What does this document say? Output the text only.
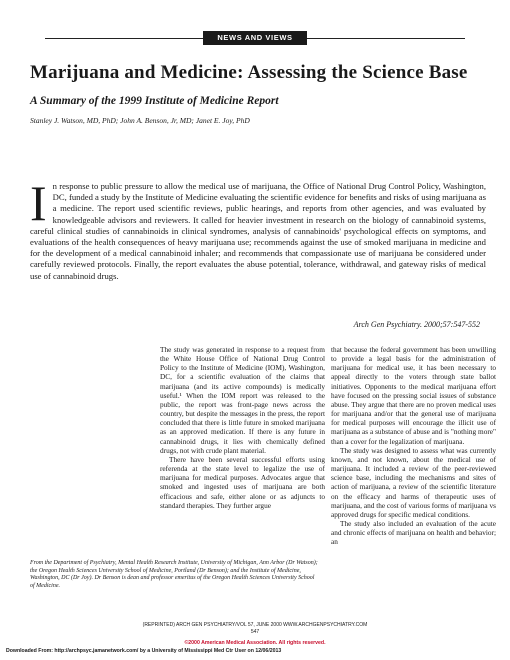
NEWS AND VIEWS
Marijuana and Medicine: Assessing the Science Base
A Summary of the 1999 Institute of Medicine Report
Stanley J. Watson, MD, PhD; John A. Benson, Jr, MD; Janet E. Joy, PhD
In response to public pressure to allow the medical use of marijuana, the Office of National Drug Control Policy, Washington, DC, funded a study by the Institute of Medicine evaluating the scientific evidence for benefits and risks of using marijuana as a medicine. The report used scientific reviews, public hearings, and reports from other agencies, and was evaluated by knowledgeable advisors and reviewers. It called for heavier investment in research on the biology of cannabinoid systems, careful clinical studies of cannabinoids in clinical syndromes, analysis of cannabinoids' psychological effects on symptoms, and evaluations of the health consequences of heavy marijuana use; recommends against the use of smoked marijuana in medicine and for the development of a medical cannabinoid inhaler; and recommends that compassionate use of marijuana be considered under carefully reviewed protocols. Finally, the report evaluates the abuse potential, tolerance, withdrawal, and gateway risks of medical use of cannabinoid drugs.
Arch Gen Psychiatry. 2000;57:547-552

The study was generated in response to a request from the White House Office of National Drug Control Policy to the Institute of Medicine (IOM), Washington, DC, for a scientific evaluation of the claims that marijuana (and its active compounds) is medically useful.¹ When the IOM report was released to the public, the report was front-page news across the country, but despite the messages in the press, the report concluded that there is little future in smoked marijuana as an approved medication. If there is any future in cannabinoid drugs, it lies with chemically defined drugs, not with crude plant material.

There have been several successful efforts using referenda at the state level to legalize the use of marijuana for medical purposes. Advocates argue that smoked and ingested uses of marijuana are both efficacious and safe, either alone or as adjuncts to standard therapies. They further argue

that because the federal government has been unwilling to provide a legal basis for the administration of marijuana for medical use, it has been necessary to appeal directly to the voters through state ballot initiatives. Opponents to the medical marijuana effort have focused on the pressing social issues of substance abuse. They argue that there are no proven medical uses for marijuana and/or that the general use of marijuana for medical purposes will encourage the illicit use of marijuana as a substance of abuse and is "nothing more" than a cover for the legalization of marijuana.

The study was designed to assess what was currently known, and not known, about the medical use of marijuana. It included a review of the peer-reviewed science base, including the mechanisms and sites of action of marijuana, a review of the scientific literature on the efficacy and harms of therapeutic uses of marijuana, and the cost of various forms of marijuana vs approved drugs for specific medical conditions.

The study also included an evaluation of the acute and chronic effects of marijuana on health and behavior; an

From the Department of Psychiatry, Mental Health Research Institute, University of Michigan, Ann Arbor (Dr Watson); the Oregon Health Sciences University School of Medicine, Portland (Dr Benson); and the Institute of Medicine, Washington, DC (Dr Joy). Dr Benson is dean and professor emeritus of the Oregon Health Sciences University School of Medicine.
(REPRINTED) ARCH GEN PSYCHIATRY/VOL 57, JUNE 2000 WWW.ARCHGENPSYCHIATRY.COM
547
©2000 American Medical Association. All rights reserved.
Downloaded From: http://archpsyc.jamanetwork.com/ by a University of Mississippi Med Ctr User on 12/06/2013
